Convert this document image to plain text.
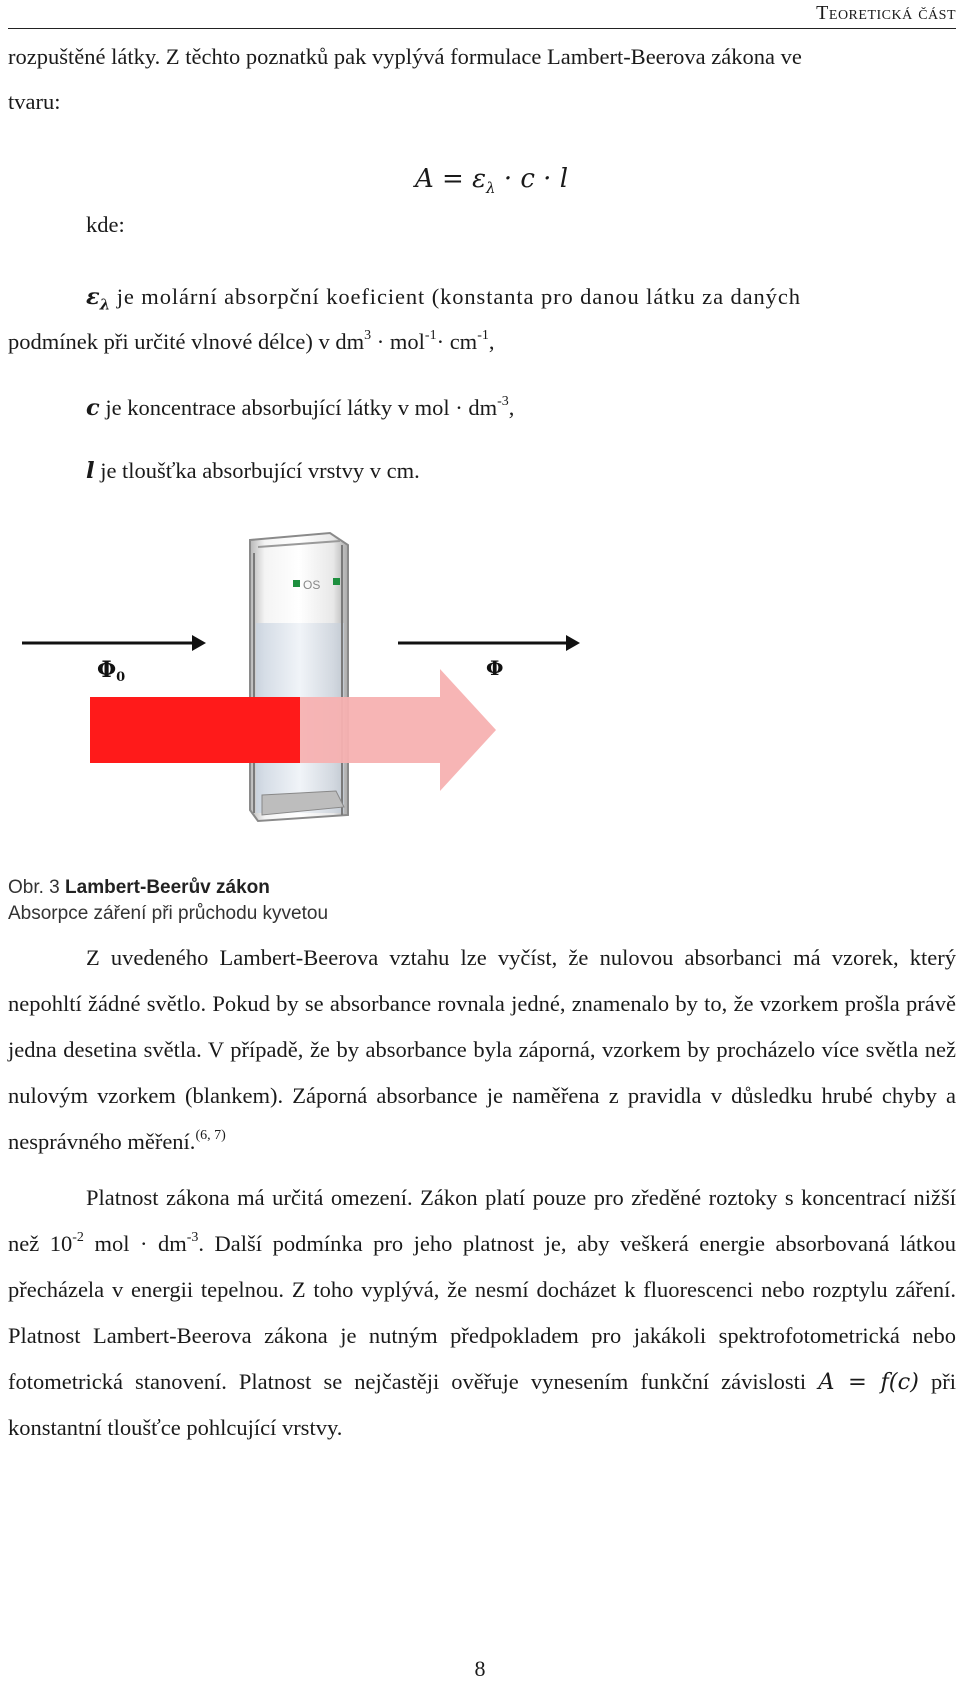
Teoretická část
rozpuštěné látky. Z těchto poznatků pak vyplývá formulace Lambert-Beerova zákona ve
tvaru:
$A = \varepsilon_\lambda \cdot c \cdot l$
kde:
$\varepsilon_\lambda$ je molární absorpční koeficient (konstanta pro danou látku za daných
podmínek při určité vlnové délce) v $dm^3 \cdot mol^{-1}\cdot cm^{-1}$,
c je koncentrace absorbující látky v mol · $dm^{-3}$,
l je tloušťka absorbující vrstvy v cm.
OS
Φ0	Φ
Obr. 3 Lambert-Beerův zákon
Absorpce záření při průchodu kyvetou
Z uvedeného Lambert-Beerova vztahu lze vyčíst, že nulovou absorbanci má vzorek, který nepohltí žádné světlo. Pokud by se absorbance rovnala jedné, znamenalo by to, že vzorkem prošla právě jedna desetina světla. V případě, že by absorbance byla záporná, vzorkem by procházelo více světla než nulovým vzorkem (blankem). Záporná absorbance je naměřena z pravidla v důsledku hrubé chyby a nesprávného měření.$^{(6, 7)}$
Platnost zákona má určitá omezení. Zákon platí pouze pro zředěné roztoky s koncentrací nižší než $10^{-2}$ mol · $dm^{-3}$. Další podmínka pro jeho platnost je, aby veškerá energie absorbovaná látkou přecházela v energii tepelnou. Z toho vyplývá, že nesmí docházet k fluorescenci nebo rozptylu záření. Platnost Lambert-Beerova zákona je nutným předpokladem pro jakákoli spektrofotometrická nebo fotometrická stanovení. Platnost se nejčastěji ověřuje vynesením funkční závislosti A = f(c) při konstantní tloušťce pohlcující vrstvy.
8
